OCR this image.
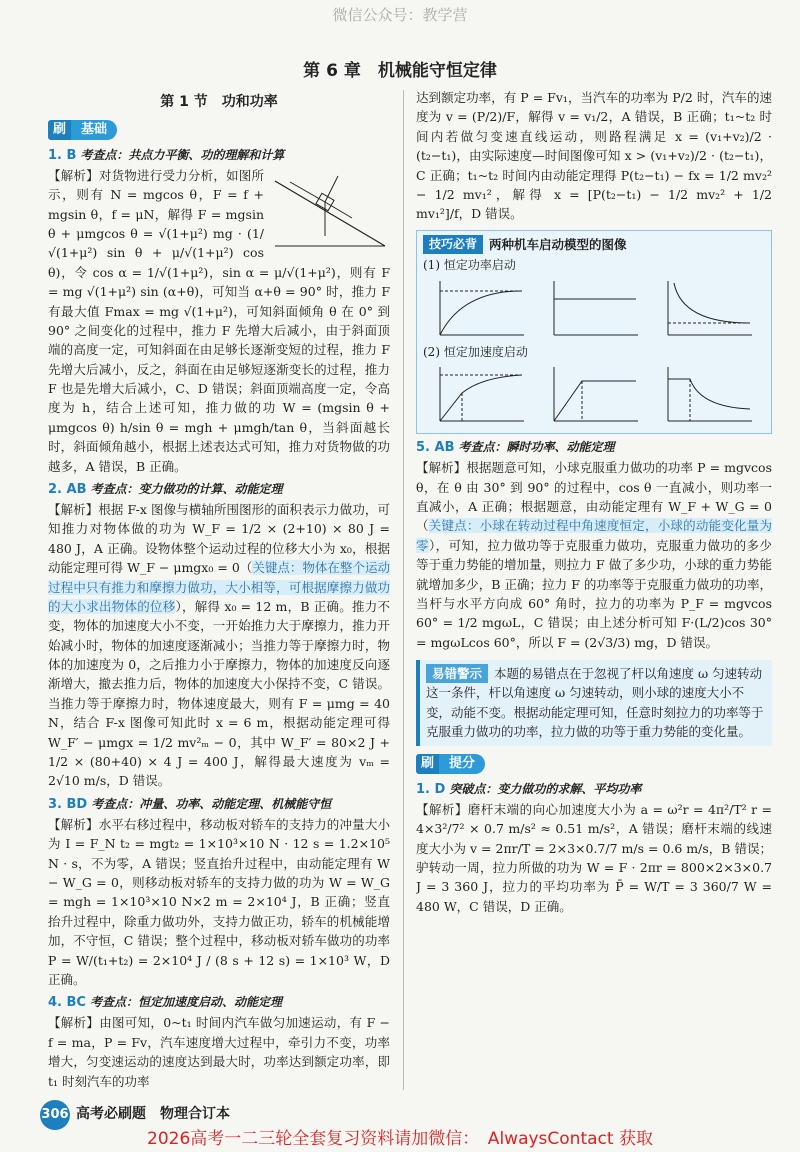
微信公众号：教学营
第 6 章　机械能守恒定律
第 1 节　功和功率
刷	基础
1. B 考查点：共点力平衡、功的理解和计算
【解析】对货物进行受力分析，如图所示，则有 N = mgcos θ，F = f + mgsin θ，f = μN，解得 F = mgsin θ + μmgcos θ = √(1+μ²) mg · (1/√(1+μ²) sin θ + μ/√(1+μ²) cos θ)，令 cos α = 1/√(1+μ²)，sin α = μ/√(1+μ²)，则有 F = mg √(1+μ²) sin (α+θ)，可知当 α+θ = 90° 时，推力 F 有最大值 Fmax = mg √(1+μ²)，可知斜面倾角 θ 在 0° 到 90° 之间变化的过程中，推力 F 先增大后减小，由于斜面顶端的高度一定，可知斜面在由足够长逐渐变短的过程，推力 F 先增大后减小，反之，斜面在由足够短逐渐变长的过程，推力 F 也是先增大后减小，C、D 错误；斜面顶端高度一定，令高度为 h，结合上述可知，推力做的功 W = (mgsin θ + μmgcos θ) h/sin θ = mgh + μmgh/tan θ，当斜面越长时，斜面倾角越小，根据上述表达式可知，推力对货物做的功越多，A 错误，B 正确。
2. AB 考查点：变力做功的计算、动能定理
【解析】根据 F-x 图像与横轴所围图形的面积表示力做功，可知推力对物体做的功为 W_F = 1/2 × (2+10) × 80 J = 480 J，A 正确。设物体整个运动过程的位移大小为 x₀，根据动能定理可得 W_F − μmgx₀ = 0（关键点：物体在整个运动过程中只有推力和摩擦力做功，大小相等，可根据摩擦力做功的大小求出物体的位移），解得 x₀ = 12 m，B 正确。推力不变，物体的加速度大小不变，一开始推力大于摩擦力，推力开始减小时，物体的加速度逐渐减小；当推力等于摩擦力时，物体的加速度为 0，之后推力小于摩擦力，物体的加速度反向逐渐增大，撤去推力后，物体的加速度大小保持不变，C 错误。当推力等于摩擦力时，物体速度最大，则有 F = μmg = 40 N，结合 F-x 图像可知此时 x = 6 m，根据动能定理可得 W_F′ − μmgx = 1/2 mv²ₘ − 0，其中 W_F′ = 80×2 J + 1/2 × (80+40) × 4 J = 400 J，解得最大速度为 vₘ = 2√10 m/s，D 错误。
3. BD 考查点：冲量、功率、动能定理、机械能守恒
【解析】水平右移过程中，移动板对轿车的支持力的冲量大小为 I = F_N t₂ = mgt₂ = 1×10³×10 N · 12 s = 1.2×10⁵ N · s，不为零，A 错误；竖直抬升过程中，由动能定理有 W − W_G = 0，则移动板对轿车的支持力做的功为 W = W_G = mgh = 1×10³×10 N×2 m = 2×10⁴ J，B 正确；竖直抬升过程中，除重力做功外，支持力做正功，轿车的机械能增加，不守恒，C 错误；整个过程中，移动板对轿车做功的功率 P = W/(t₁+t₂) = 2×10⁴ J / (8 s + 12 s) = 1×10³ W，D 正确。
4. BC 考查点：恒定加速度启动、动能定理
【解析】由图可知，0~t₁ 时间内汽车做匀加速运动，有 F − f = ma，P = Fv，汽车速度增大过程中，牵引力不变，功率增大，匀变速运动的速度达到最大时，功率达到额定功率，即 t₁ 时刻汽车的功率
达到额定功率，有 P = Fv₁，当汽车的功率为 P/2 时，汽车的速度为 v = (P/2)/F，解得 v = v₁/2，A 错误，B 正确；t₁~t₂ 时间内若做匀变速直线运动，则路程满足 x = (v₁+v₂)/2 · (t₂−t₁)，由实际速度—时间图像可知 x > (v₁+v₂)/2 · (t₂−t₁)，C 正确；t₁~t₂ 时间内由动能定理得 P(t₂−t₁) − fx = 1/2 mv₂² − 1/2 mv₁²，解得 x = [P(t₂−t₁) − 1/2 mv₂² + 1/2 mv₁²]/f，D 错误。
技巧必背 两种机车启动模型的图像
(1) 恒定功率启动
(2) 恒定加速度启动
5. AB 考查点：瞬时功率、动能定理
【解析】根据题意可知，小球克服重力做功的功率 P = mgvcos θ，在 θ 由 30° 到 90° 的过程中，cos θ 一直减小，则功率一直减小，A 正确；根据题意，由动能定理有 W_F + W_G = 0（关键点：小球在转动过程中角速度恒定，小球的动能变化量为零），可知，拉力做功等于克服重力做功，克服重力做功的多少等于重力势能的增加量，则拉力 F 做了多少功，小球的重力势能就增加多少，B 正确；拉力 F 的功率等于克服重力做功的功率，当杆与水平方向成 60° 角时，拉力的功率为 P_F = mgvcos 60° = 1/2 mgωL，C 错误；由上述分析可知 F·(L/2)cos 30° = mgωLcos 60°，所以 F = (2√3/3) mg，D 错误。
易错警示 本题的易错点在于忽视了杆以角速度 ω 匀速转动这一条件，杆以角速度 ω 匀速转动，则小球的速度大小不变，动能不变。根据动能定理可知，任意时刻拉力的功率等于克服重力做功的功率，拉力做的功等于重力势能的变化量。
刷	提分
1. D 突破点：变力做功的求解、平均功率
【解析】磨杆末端的向心加速度大小为 a = ω²r = 4π²/T² r = 4×3²/7² × 0.7 m/s² ≈ 0.51 m/s²，A 错误；磨杆末端的线速度大小为 v = 2πr/T = 2×3×0.7/7 m/s = 0.6 m/s，B 错误；驴转动一周，拉力所做的功为 W = F · 2πr = 800×2×3×0.7 J = 3 360 J，拉力的平均功率为 P̄ = W/T = 3 360/7 W = 480 W，C 错误，D 正确。
306 高考必刷题　物理合订本
2026高考一二三轮全套复习资料请加微信：　AlwaysContact 获取
